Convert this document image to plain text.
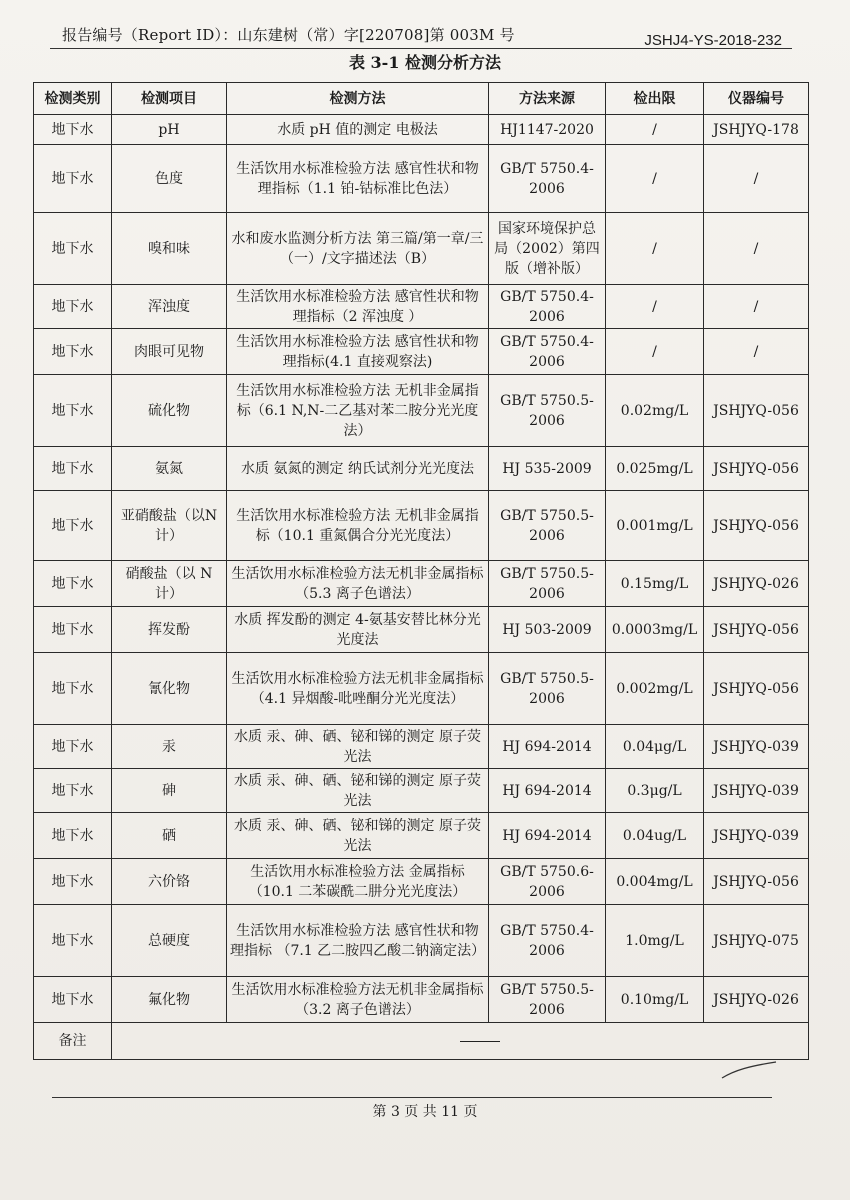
报告编号（Report ID）：山东建树（常）字[220708]第 003M 号	JSHJ4-YS-2018-232
表 3-1 检测分析方法
检测类别	检测项目	检测方法	方法来源	检出限	仪器编号
地下水	pH	水质 pH 值的测定 电极法	HJ1147-2020	/	JSHJYQ-178
地下水	色度	生活饮用水标准检验方法 感官性状和物理指标（1.1 铂-钴标准比色法）	GB/T 5750.4-2006	/	/
地下水	嗅和味	水和废水监测分析方法 第三篇/第一章/三（一）/文字描述法（B）	国家环境保护总局（2002）第四版（增补版）	/	/
地下水	浑浊度	生活饮用水标准检验方法 感官性状和物理指标（2 浑浊度 ）	GB/T 5750.4-2006	/	/
地下水	肉眼可见物	生活饮用水标准检验方法 感官性状和物理指标(4.1 直接观察法)	GB/T 5750.4-2006	/	/
地下水	硫化物	生活饮用水标准检验方法 无机非金属指标（6.1 N,N-二乙基对苯二胺分光光度法）	GB/T 5750.5-2006	0.02mg/L	JSHJYQ-056
地下水	氨氮	水质 氨氮的测定 纳氏试剂分光光度法	HJ 535-2009	0.025mg/L	JSHJYQ-056
地下水	亚硝酸盐（以N 计）	生活饮用水标准检验方法 无机非金属指标（10.1 重氮偶合分光光度法）	GB/T 5750.5-2006	0.001mg/L	JSHJYQ-056
地下水	硝酸盐（以 N 计）	生活饮用水标准检验方法无机非金属指标（5.3 离子色谱法）	GB/T 5750.5-2006	0.15mg/L	JSHJYQ-026
地下水	挥发酚	水质 挥发酚的测定 4-氨基安替比林分光光度法	HJ 503-2009	0.0003mg/L	JSHJYQ-056
地下水	氰化物	生活饮用水标准检验方法无机非金属指标（4.1 异烟酸-吡唑酮分光光度法）	GB/T 5750.5-2006	0.002mg/L	JSHJYQ-056
地下水	汞	水质 汞、砷、硒、铋和锑的测定 原子荧光法	HJ 694-2014	0.04μg/L	JSHJYQ-039
地下水	砷	水质 汞、砷、硒、铋和锑的测定 原子荧光法	HJ 694-2014	0.3μg/L	JSHJYQ-039
地下水	硒	水质 汞、砷、硒、铋和锑的测定 原子荧光法	HJ 694-2014	0.04ug/L	JSHJYQ-039
地下水	六价铬	生活饮用水标准检验方法 金属指标（10.1 二苯碳酰二肼分光光度法）	GB/T 5750.6-2006	0.004mg/L	JSHJYQ-056
地下水	总硬度	生活饮用水标准检验方法 感官性状和物理指标 （7.1 乙二胺四乙酸二钠滴定法）	GB/T 5750.4-2006	1.0mg/L	JSHJYQ-075
地下水	氟化物	生活饮用水标准检验方法无机非金属指标（3.2 离子色谱法）	GB/T 5750.5-2006	0.10mg/L	JSHJYQ-026
备注					
第 3 页 共 11 页
